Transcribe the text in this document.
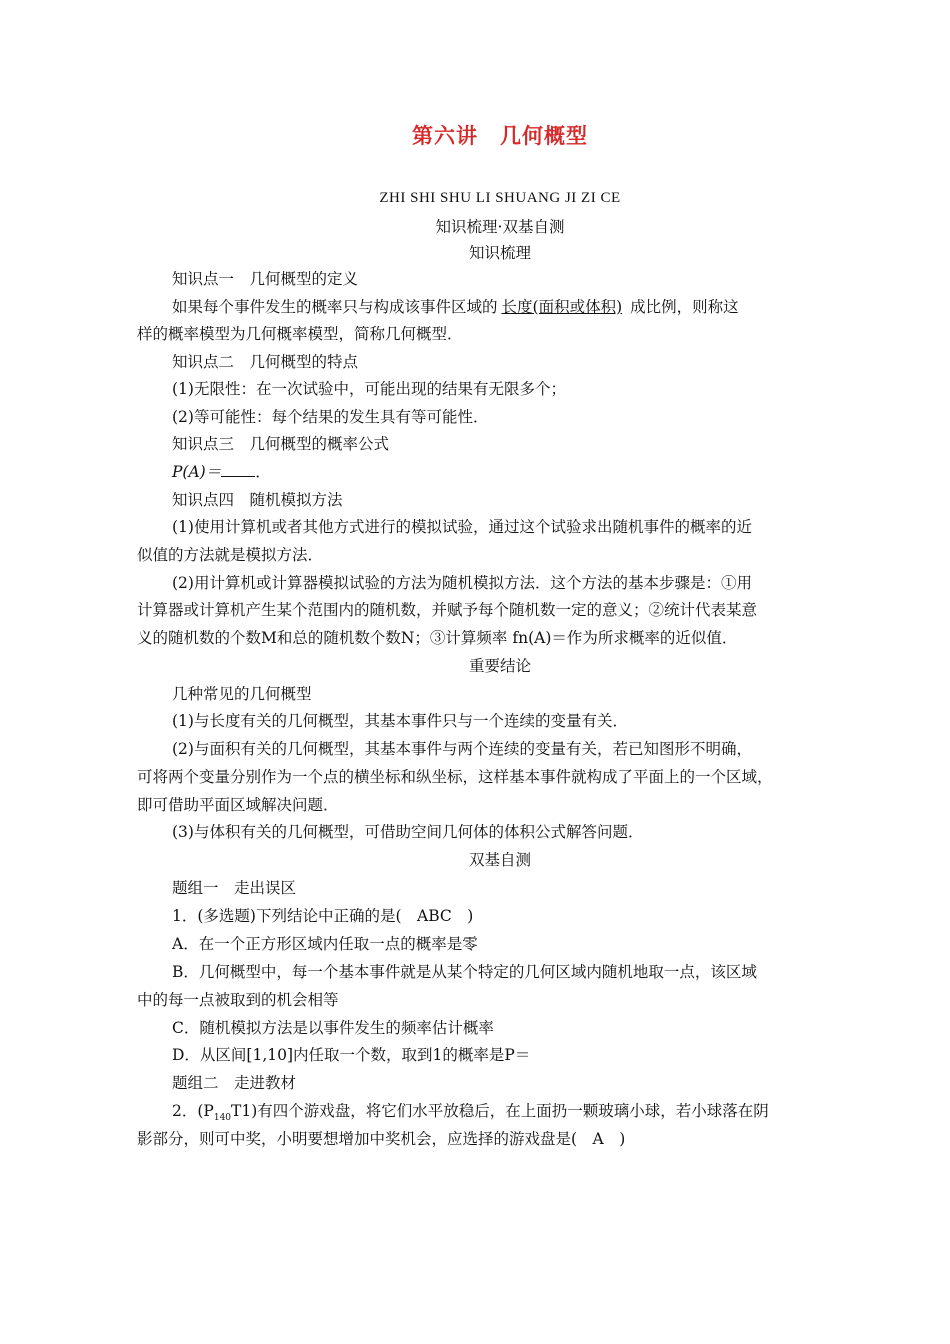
第六讲 几何概型
ZHI SHI SHU LI SHUANG JI ZI CE
知识梳理·双基自测
知识梳理
知识点一　几何概型的定义
如果每个事件发生的概率只与构成该事件区域的 长度(面积或体积) 成比例，则称这
样的概率模型为几何概率模型，简称几何概型．
知识点二　几何概型的特点
(1)无限性：在一次试验中，可能出现的结果有无限多个；
(2)等可能性：每个结果的发生具有等可能性．
知识点三　几何概型的概率公式
P(A)＝ ．
知识点四　随机模拟方法
(1)使用计算机或者其他方式进行的模拟试验，通过这个试验求出随机事件的概率的近
似值的方法就是模拟方法．
(2)用计算机或计算器模拟试验的方法为随机模拟方法．这个方法的基本步骤是：①用
计算器或计算机产生某个范围内的随机数，并赋予每个随机数一定的意义；②统计代表某意
义的随机数的个数M和总的随机数个数N；③计算频率 fn(A)＝作为所求概率的近似值．
重要结论
几种常见的几何概型
(1)与长度有关的几何概型，其基本事件只与一个连续的变量有关．
(2)与面积有关的几何概型，其基本事件与两个连续的变量有关，若已知图形不明确，
可将两个变量分别作为一个点的横坐标和纵坐标，这样基本事件就构成了平面上的一个区域，
即可借助平面区域解决问题．
(3)与体积有关的几何概型，可借助空间几何体的体积公式解答问题．
双基自测
题组一　走出误区
1．(多选题)下列结论中正确的是(　ABC　)
A．在一个正方形区域内任取一点的概率是零
B．几何概型中，每一个基本事件就是从某个特定的几何区域内随机地取一点，该区域
中的每一点被取到的机会相等
C．随机模拟方法是以事件发生的频率估计概率
D．从区间[1,10]内任取一个数，取到1的概率是P＝
题组二　走进教材
2．$(P_{140}T1)$有四个游戏盘，将它们水平放稳后，在上面扔一颗玻璃小球，若小球落在阴
影部分，则可中奖，小明要想增加中奖机会，应选择的游戏盘是(　A　)
